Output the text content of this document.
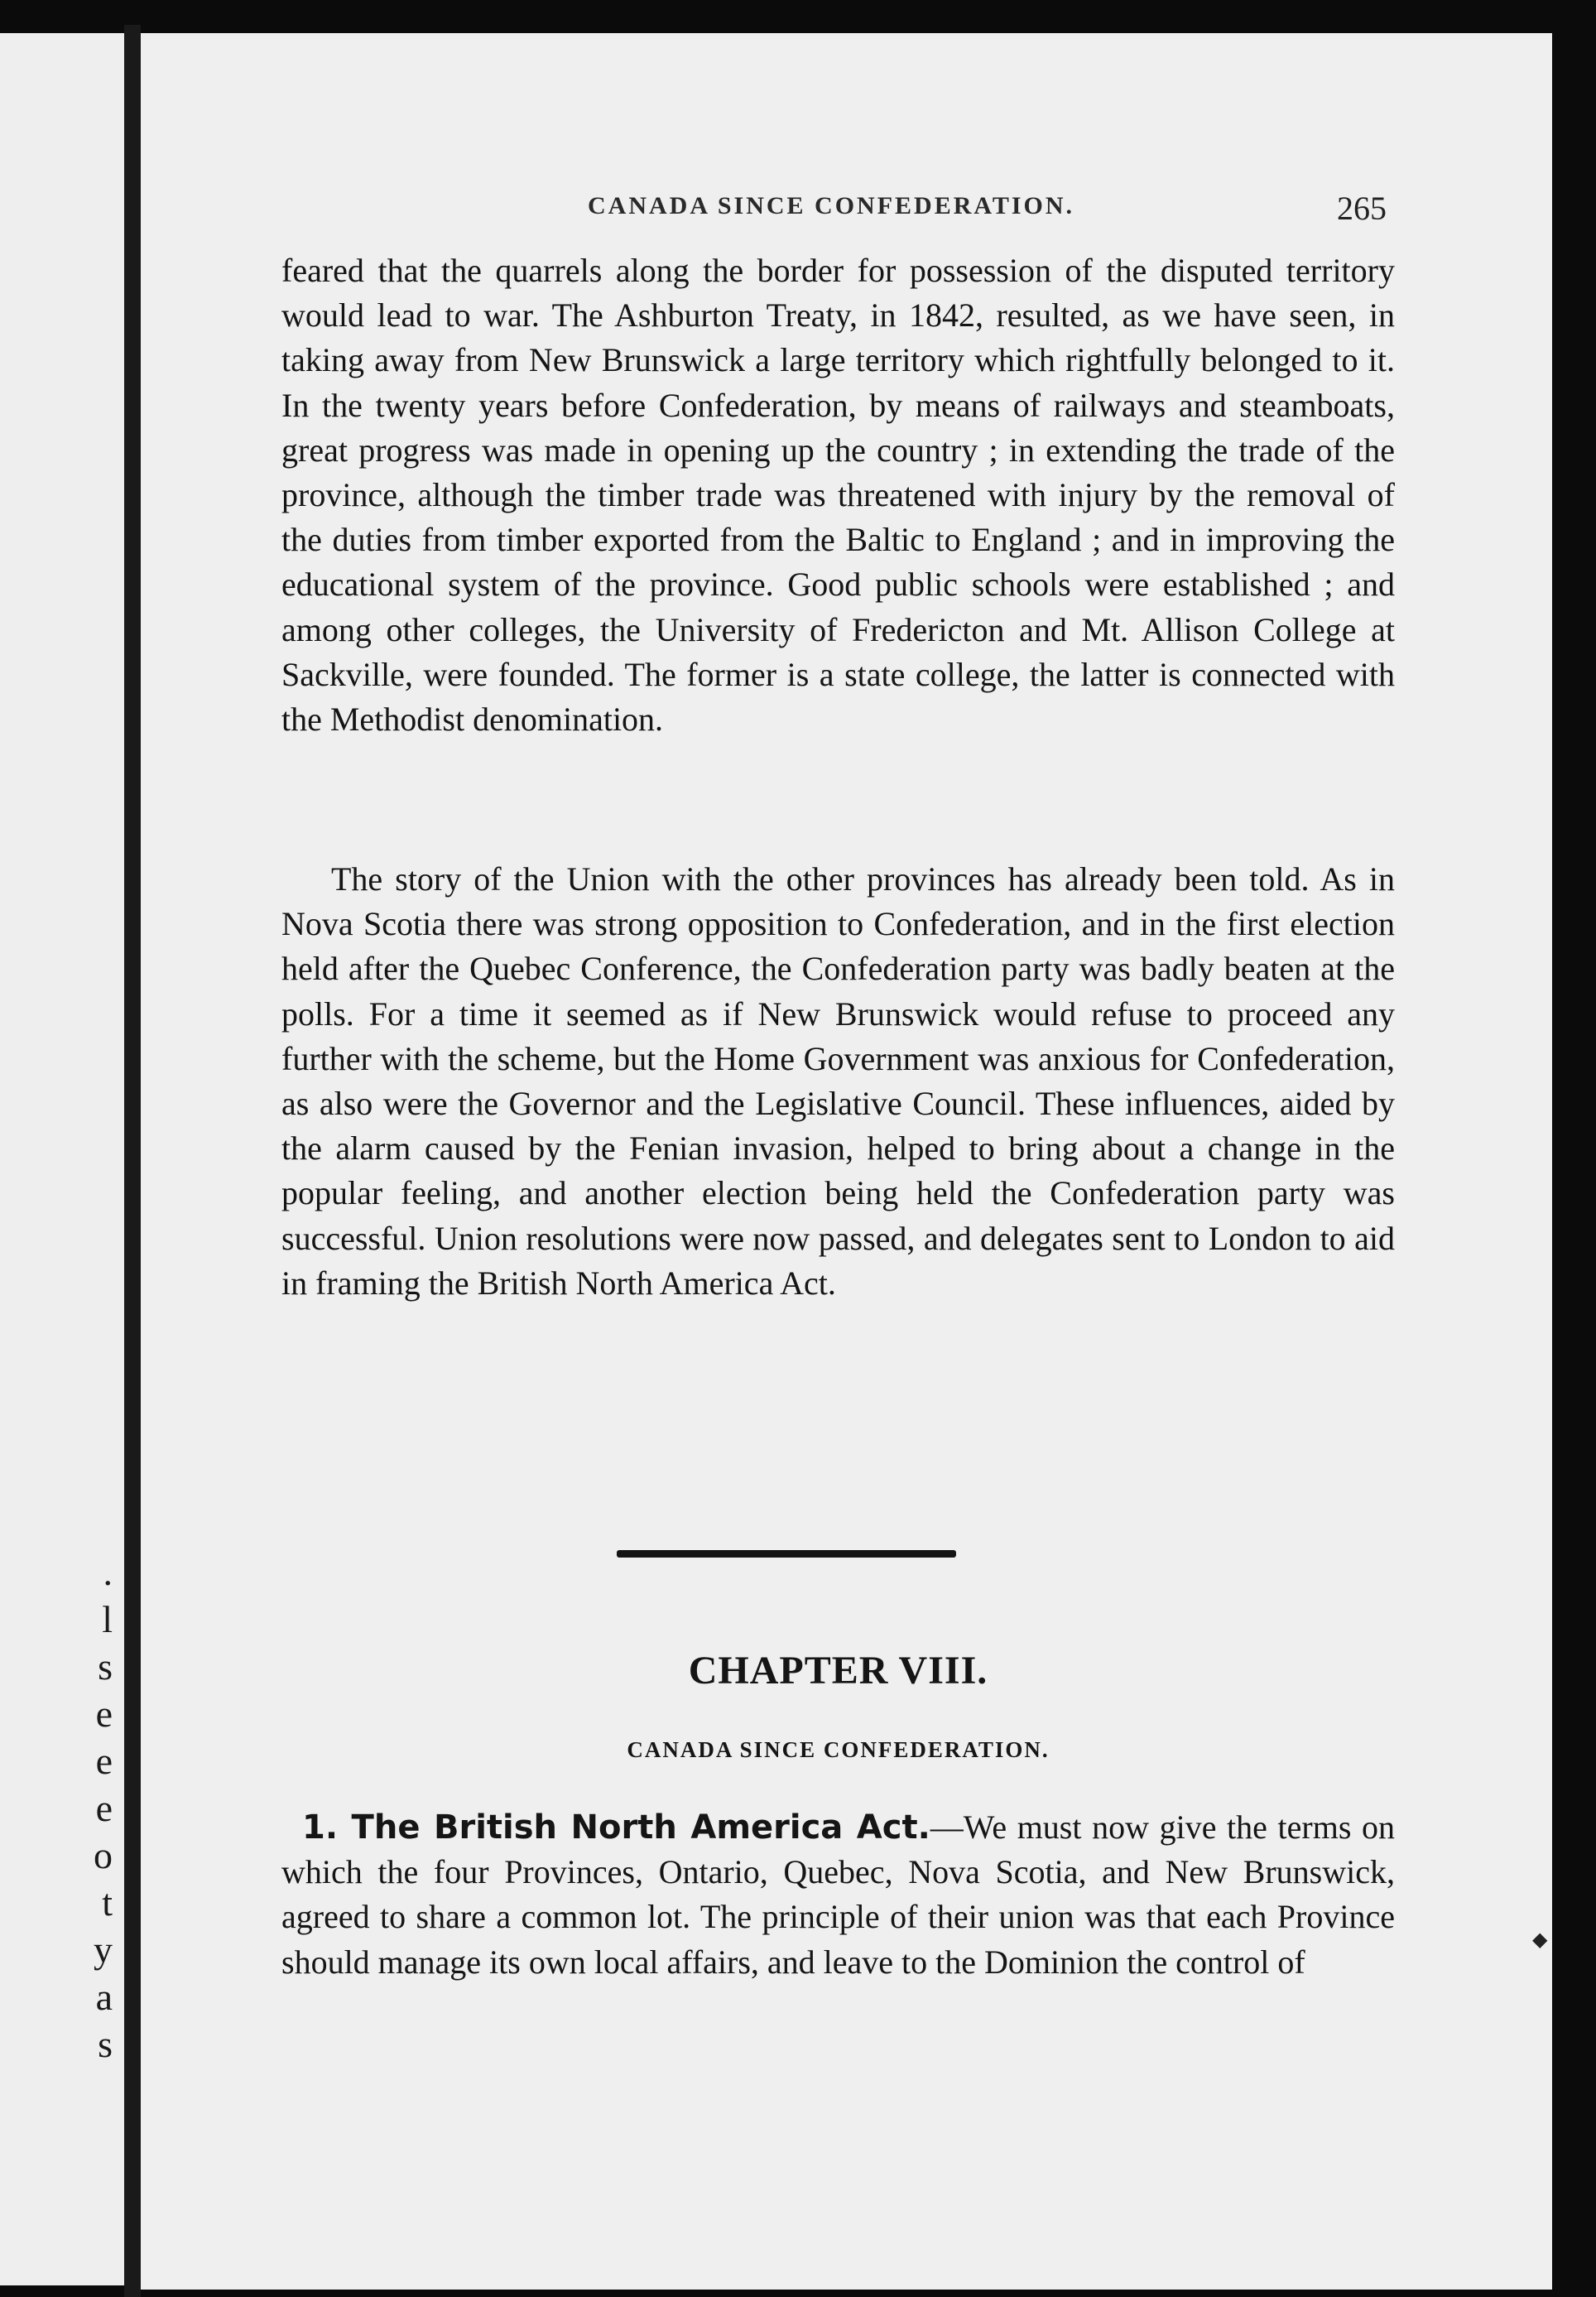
.
l
s
e
e
e
o
t
y
a
s
◆
CANADA SINCE CONFEDERATION.	265

feared that the quarrels along the border for possession of the disputed territory would lead to war. The Ashburton Treaty, in 1842, resulted, as we have seen, in taking away from New Brunswick a large territory which rightfully belonged to it. In the twenty years before Confederation, by means of railways and steamboats, great progress was made in opening up the country ; in extending the trade of the province, although the timber trade was threatened with injury by the removal of the duties from timber exported from the Baltic to England ; and in improving the educational system of the province. Good public schools were established ; and among other colleges, the University of Fredericton and Mt. Allison College at Sackville, were founded. The former is a state college, the latter is connected with the Methodist denomination.

The story of the Union with the other provinces has already been told. As in Nova Scotia there was strong opposition to Confederation, and in the first election held after the Quebec Conference, the Confederation party was badly beaten at the polls. For a time it seemed as if New Brunswick would refuse to proceed any further with the scheme, but the Home Government was anxious for Confederation, as also were the Governor and the Legislative Council. These influences, aided by the alarm caused by the Fenian invasion, helped to bring about a change in the popular feeling, and another election being held the Confederation party was successful. Union resolutions were now passed, and delegates sent to London to aid in framing the British North America Act.

CHAPTER VIII.
CANADA SINCE CONFEDERATION.

1. The British North America Act.—We must now give the terms on which the four Provinces, Ontario, Quebec, Nova Scotia, and New Brunswick, agreed to share a common lot. The principle of their union was that each Province should manage its own local affairs, and leave to the Dominion the control of
